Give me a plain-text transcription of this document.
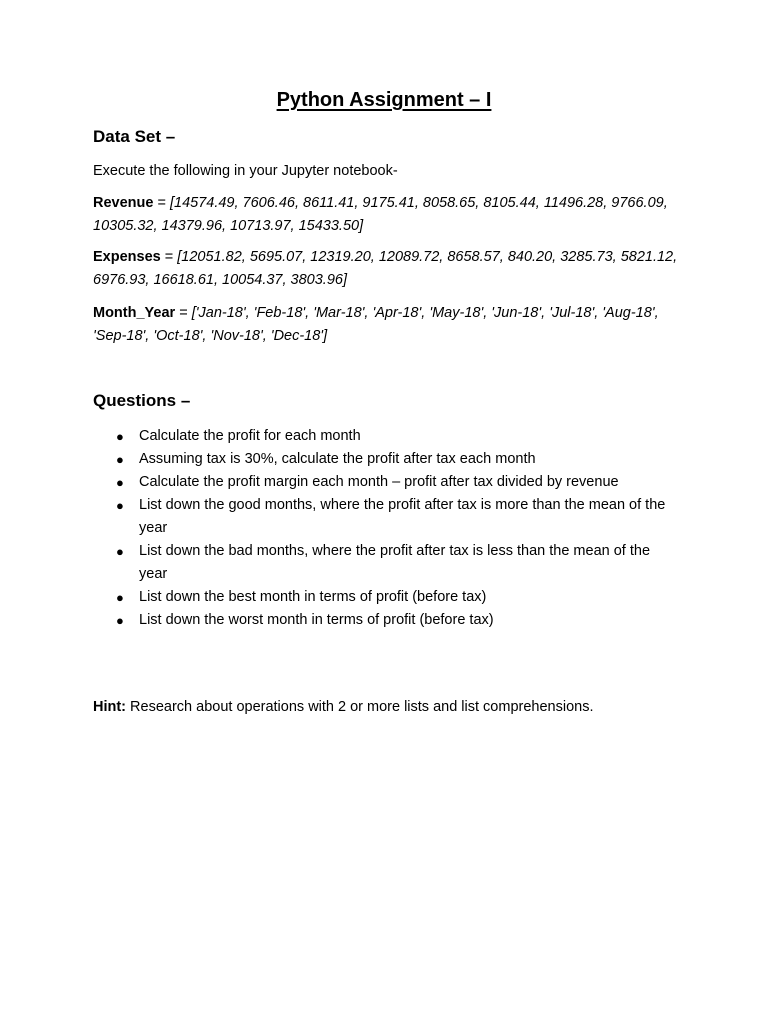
Python Assignment – I
Data Set –
Execute the following in your Jupyter notebook-
Revenue = [14574.49, 7606.46, 8611.41, 9175.41, 8058.65, 8105.44, 11496.28, 9766.09, 10305.32, 14379.96, 10713.97, 15433.50]
Expenses = [12051.82, 5695.07, 12319.20, 12089.72, 8658.57, 840.20, 3285.73, 5821.12, 6976.93, 16618.61, 10054.37, 3803.96]
Month_Year = ['Jan-18', 'Feb-18', 'Mar-18', 'Apr-18', 'May-18', 'Jun-18', 'Jul-18', 'Aug-18', 'Sep-18', 'Oct-18', 'Nov-18', 'Dec-18']
Questions –
● Calculate the profit for each month
● Assuming tax is 30%, calculate the profit after tax each month
● Calculate the profit margin each month – profit after tax divided by revenue
● List down the good months, where the profit after tax is more than the mean of the year
● List down the bad months, where the profit after tax is less than the mean of the year
● List down the best month in terms of profit (before tax)
● List down the worst month in terms of profit (before tax)
Hint: Research about operations with 2 or more lists and list comprehensions.
